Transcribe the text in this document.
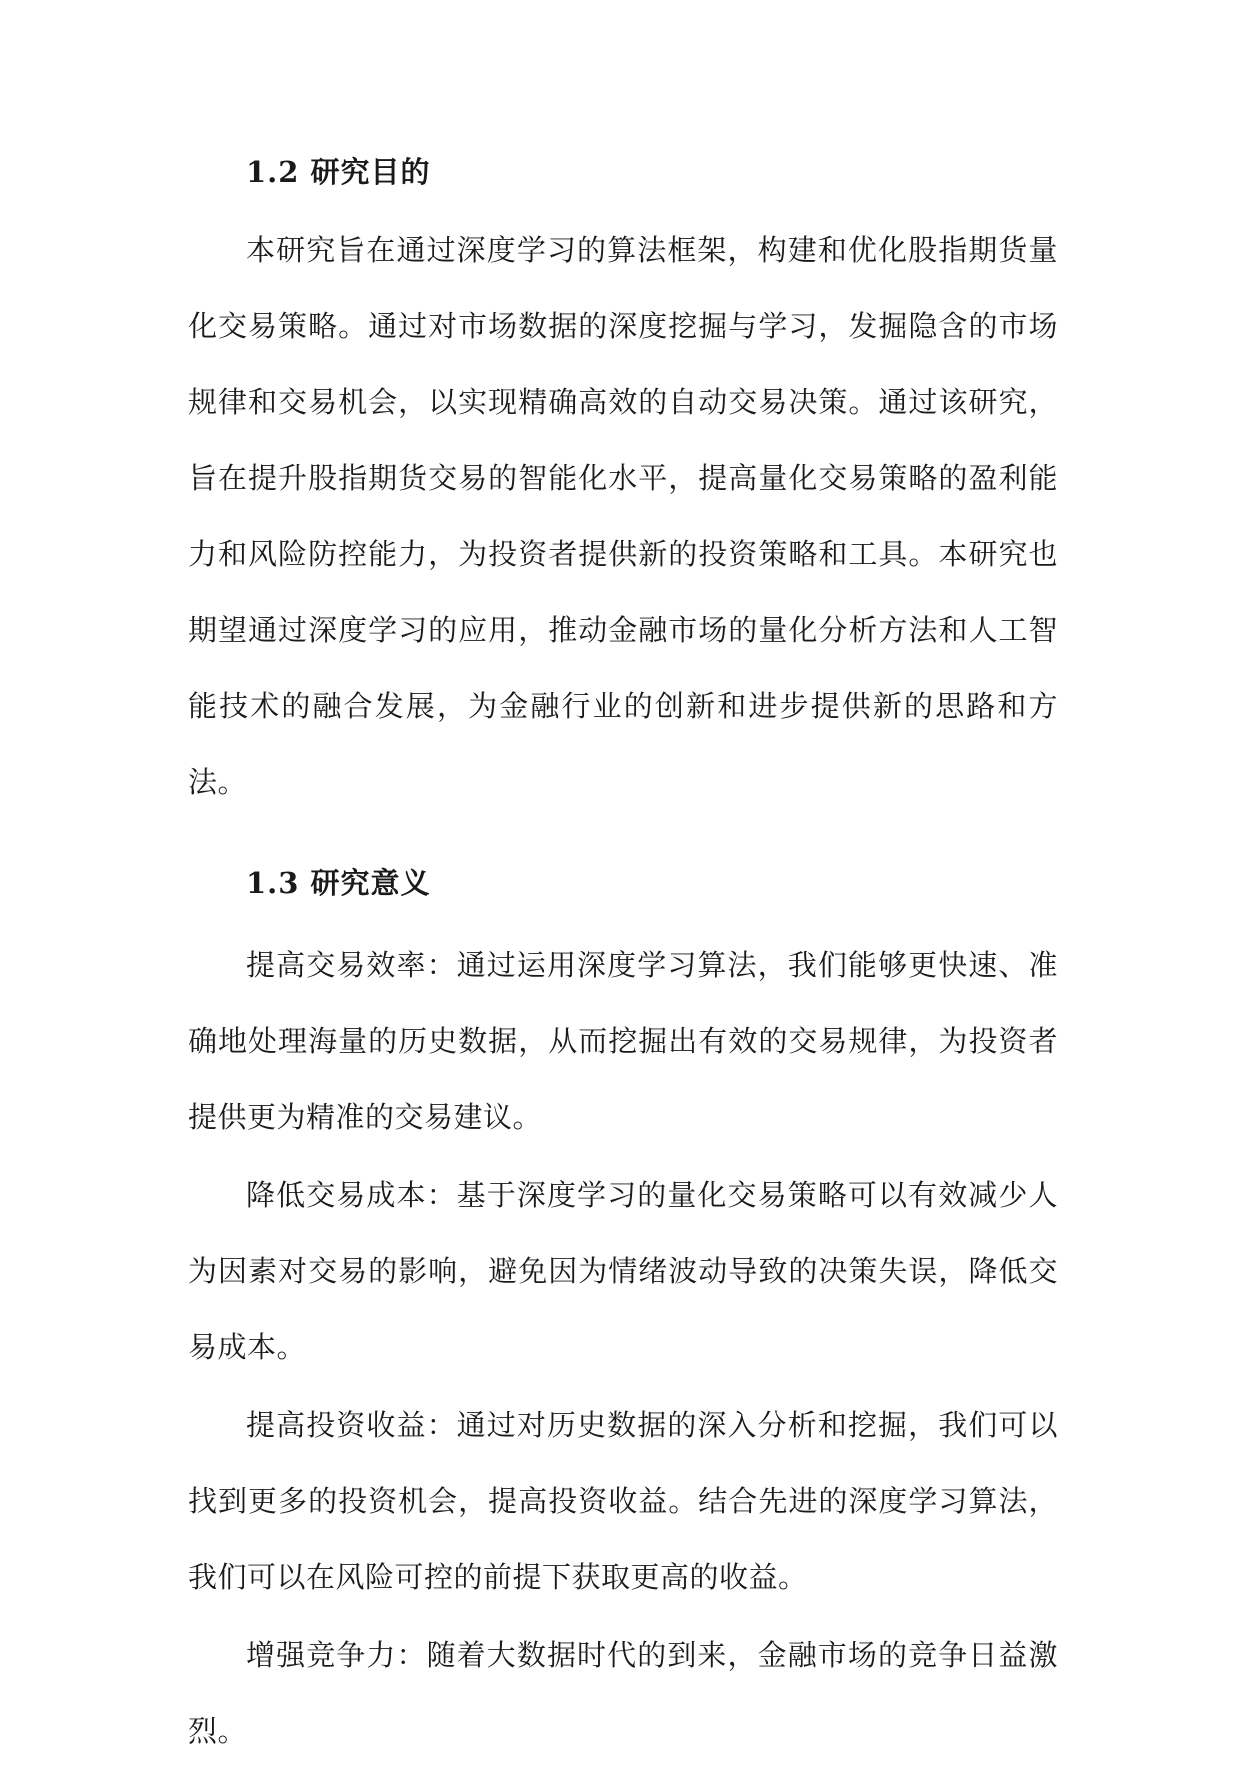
1.2 研究目的

本研究旨在通过深度学习的算法框架，构建和优化股指期货量化交易策略。通过对市场数据的深度挖掘与学习，发掘隐含的市场规律和交易机会，以实现精确高效的自动交易决策。通过该研究，旨在提升股指期货交易的智能化水平，提高量化交易策略的盈利能力和风险防控能力，为投资者提供新的投资策略和工具。本研究也期望通过深度学习的应用，推动金融市场的量化分析方法和人工智能技术的融合发展，为金融行业的创新和进步提供新的思路和方法。

1.3 研究意义

提高交易效率：通过运用深度学习算法，我们能够更快速、准确地处理海量的历史数据，从而挖掘出有效的交易规律，为投资者提供更为精准的交易建议。

降低交易成本：基于深度学习的量化交易策略可以有效减少人为因素对交易的影响，避免因为情绪波动导致的决策失误，降低交易成本。

提高投资收益：通过对历史数据的深入分析和挖掘，我们可以找到更多的投资机会，提高投资收益。结合先进的深度学习算法，我们可以在风险可控的前提下获取更高的收益。

增强竞争力：随着大数据时代的到来，金融市场的竞争日益激烈。
